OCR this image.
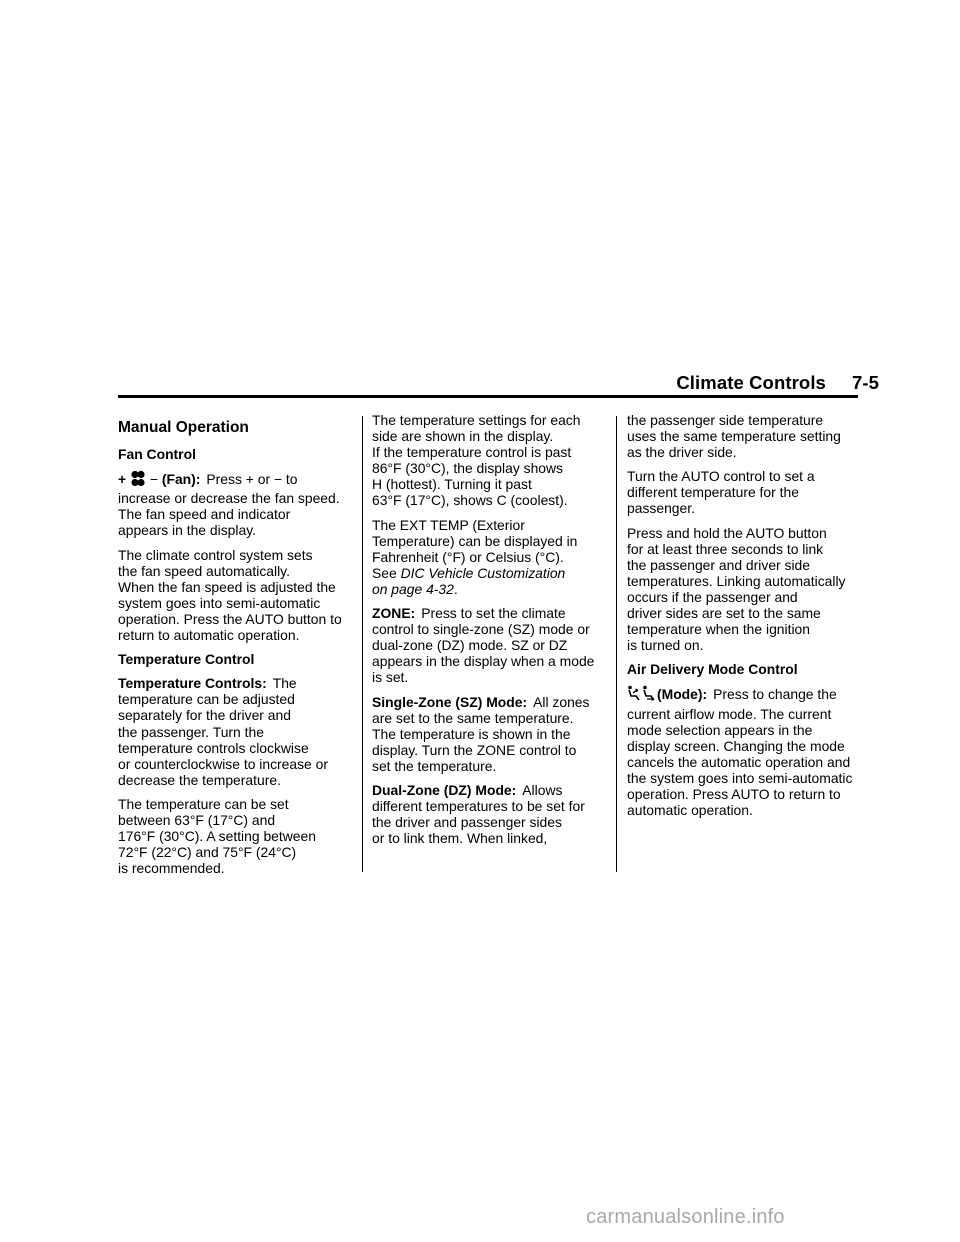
Climate Controls 7-5
Manual Operation
Fan Control

+ − (Fan): Press + or − to
increase or decrease the fan speed.
The fan speed and indicator
appears in the display.

The climate control system sets
the fan speed automatically.
When the fan speed is adjusted the
system goes into semi-automatic
operation. Press the AUTO button to
return to automatic operation.

Temperature Control

Temperature Controls: The
temperature can be adjusted
separately for the driver and
the passenger. Turn the
temperature controls clockwise
or counterclockwise to increase or
decrease the temperature.

The temperature can be set
between 63°F (17°C) and
176°F (30°C). A setting between
72°F (22°C) and 75°F (24°C)
is recommended.

The temperature settings for each
side are shown in the display.
If the temperature control is past
86°F (30°C), the display shows
H (hottest). Turning it past
63°F (17°C), shows C (coolest).

The EXT TEMP (Exterior
Temperature) can be displayed in
Fahrenheit (°F) or Celsius (°C).
See DIC Vehicle Customization
on page 4-32.

ZONE: Press to set the climate
control to single-zone (SZ) mode or
dual-zone (DZ) mode. SZ or DZ
appears in the display when a mode
is set.

Single-Zone (SZ) Mode: All zones
are set to the same temperature.
The temperature is shown in the
display. Turn the ZONE control to
set the temperature.

Dual-Zone (DZ) Mode: Allows
different temperatures to be set for
the driver and passenger sides
or to link them. When linked,

the passenger side temperature
uses the same temperature setting
as the driver side.

Turn the AUTO control to set a
different temperature for the
passenger.

Press and hold the AUTO button
for at least three seconds to link
the passenger and driver side
temperatures. Linking automatically
occurs if the passenger and
driver sides are set to the same
temperature when the ignition
is turned on.

Air Delivery Mode Control

(Mode): Press to change the
current airflow mode. The current
mode selection appears in the
display screen. Changing the mode
cancels the automatic operation and
the system goes into semi-automatic
operation. Press AUTO to return to
automatic operation.

carmanualsonline.info
